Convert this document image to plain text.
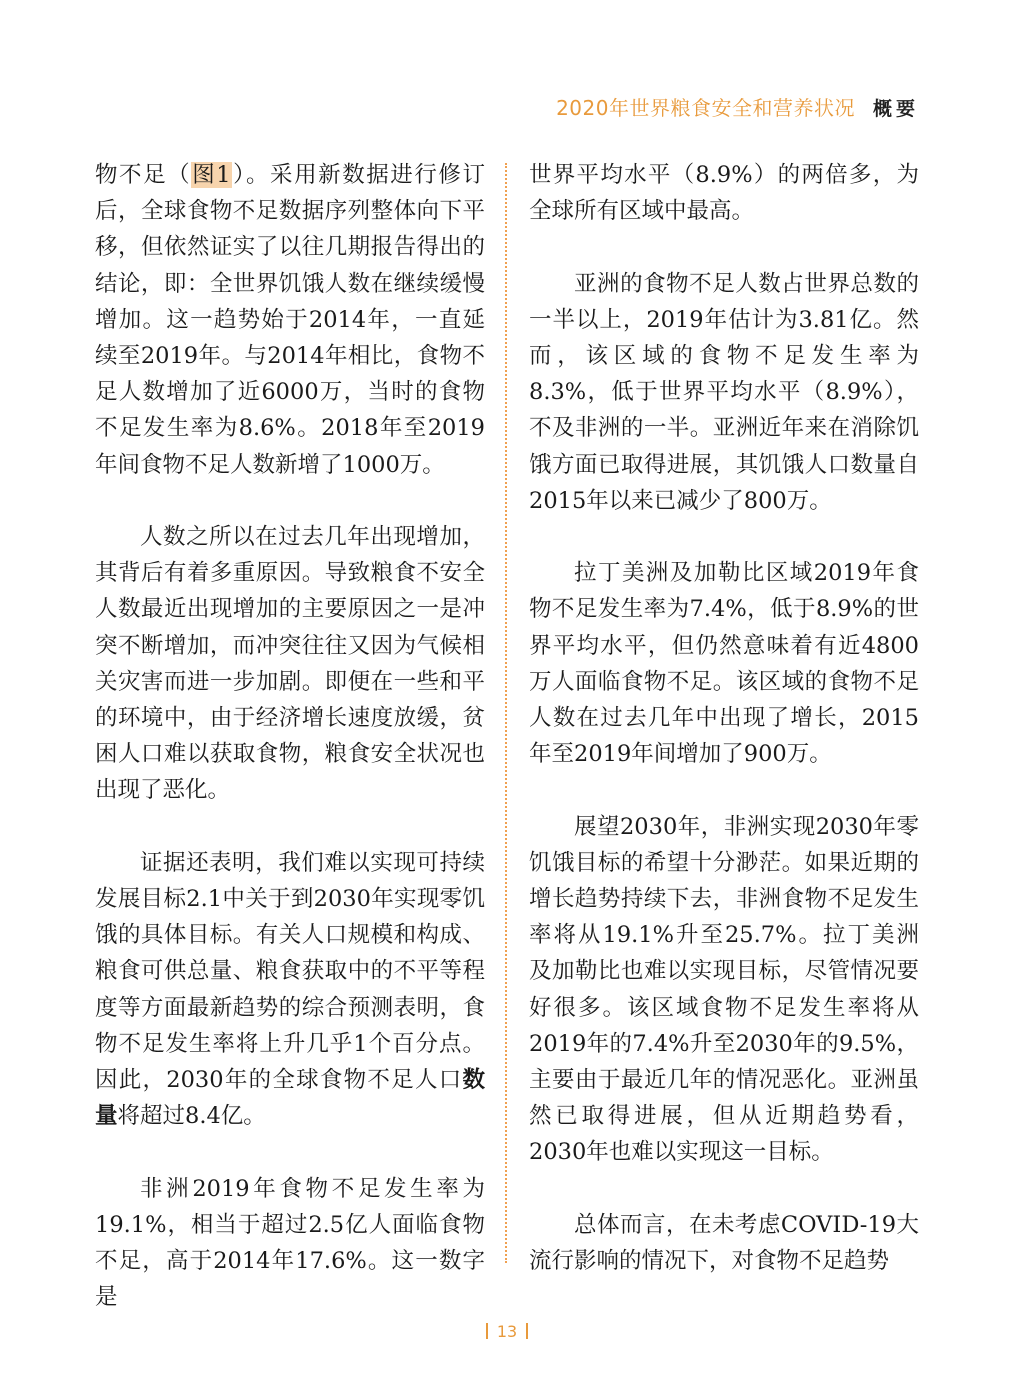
2020年世界粮食安全和营养状况 概要

物不足（图1）。采用新数据进行修订后，全球食物不足数据序列整体向下平移，但依然证实了以往几期报告得出的结论，即：全世界饥饿人数在继续缓慢增加。这一趋势始于2014年，一直延续至2019年。与2014年相比，食物不足人数增加了近6000万，当时的食物不足发生率为8.6%。2018年至2019年间食物不足人数新增了1000万。

人数之所以在过去几年出现增加，其背后有着多重原因。导致粮食不安全人数最近出现增加的主要原因之一是冲突不断增加，而冲突往往又因为气候相关灾害而进一步加剧。即便在一些和平的环境中，由于经济增长速度放缓，贫困人口难以获取食物，粮食安全状况也出现了恶化。

证据还表明，我们难以实现可持续发展目标2.1中关于到2030年实现零饥饿的具体目标。有关人口规模和构成、粮食可供总量、粮食获取中的不平等程度等方面最新趋势的综合预测表明，食物不足发生率将上升几乎1个百分点。因此，2030年的全球食物不足人口数量将超过8.4亿。

非洲2019年食物不足发生率为19.1%，相当于超过2.5亿人面临食物不足，高于2014年17.6%。这一数字是

世界平均水平（8.9%）的两倍多，为全球所有区域中最高。

亚洲的食物不足人数占世界总数的一半以上，2019年估计为3.81亿。然而，该区域的食物不足发生率为8.3%，低于世界平均水平（8.9%），不及非洲的一半。亚洲近年来在消除饥饿方面已取得进展，其饥饿人口数量自2015年以来已减少了800万。

拉丁美洲及加勒比区域2019年食物不足发生率为7.4%，低于8.9%的世界平均水平，但仍然意味着有近4800万人面临食物不足。该区域的食物不足人数在过去几年中出现了增长，2015年至2019年间增加了900万。

展望2030年，非洲实现2030年零饥饿目标的希望十分渺茫。如果近期的增长趋势持续下去，非洲食物不足发生率将从19.1%升至25.7%。拉丁美洲及加勒比也难以实现目标，尽管情况要好很多。该区域食物不足发生率将从2019年的7.4%升至2030年的9.5%，主要由于最近几年的情况恶化。亚洲虽然已取得进展，但从近期趋势看，2030年也难以实现这一目标。

总体而言，在未考虑COVID-19大流行影响的情况下，对食物不足趋势

13
